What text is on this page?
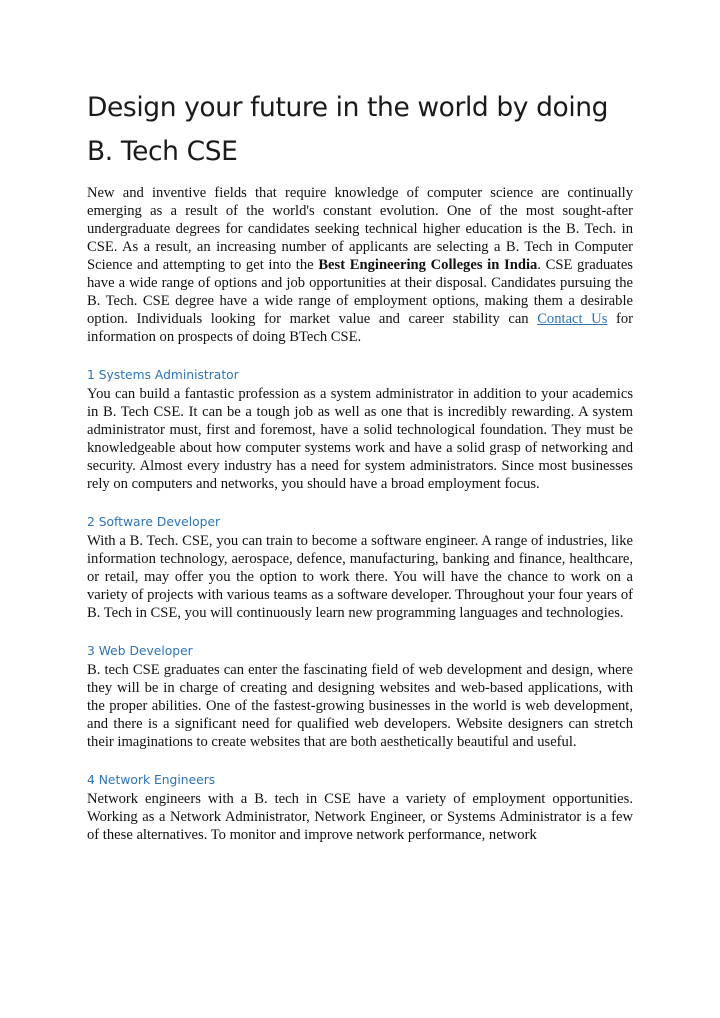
Design your future in the world by doing B. Tech CSE

New and inventive fields that require knowledge of computer science are continually emerging as a result of the world's constant evolution. One of the most sought-after undergraduate degrees for candidates seeking technical higher education is the B. Tech. in CSE. As a result, an increasing number of applicants are selecting a B. Tech in Computer Science and attempting to get into the Best Engineering Colleges in India. CSE graduates have a wide range of options and job opportunities at their disposal. Candidates pursuing the B. Tech. CSE degree have a wide range of employment options, making them a desirable option. Individuals looking for market value and career stability can Contact Us for information on prospects of doing BTech CSE.

1 Systems Administrator

You can build a fantastic profession as a system administrator in addition to your academics in B. Tech CSE. It can be a tough job as well as one that is incredibly rewarding. A system administrator must, first and foremost, have a solid technological foundation. They must be knowledgeable about how computer systems work and have a solid grasp of networking and security. Almost every industry has a need for system administrators. Since most businesses rely on computers and networks, you should have a broad employment focus.

2 Software Developer

With a B. Tech. CSE, you can train to become a software engineer. A range of industries, like information technology, aerospace, defence, manufacturing, banking and finance, healthcare, or retail, may offer you the option to work there. You will have the chance to work on a variety of projects with various teams as a software developer. Throughout your four years of B. Tech in CSE, you will continuously learn new programming languages and technologies.

3 Web Developer

B. tech CSE graduates can enter the fascinating field of web development and design, where they will be in charge of creating and designing websites and web-based applications, with the proper abilities. One of the fastest-growing businesses in the world is web development, and there is a significant need for qualified web developers. Website designers can stretch their imaginations to create websites that are both aesthetically beautiful and useful.

4 Network Engineers

Network engineers with a B. tech in CSE have a variety of employment opportunities. Working as a Network Administrator, Network Engineer, or Systems Administrator is a few of these alternatives. To monitor and improve network performance, network
